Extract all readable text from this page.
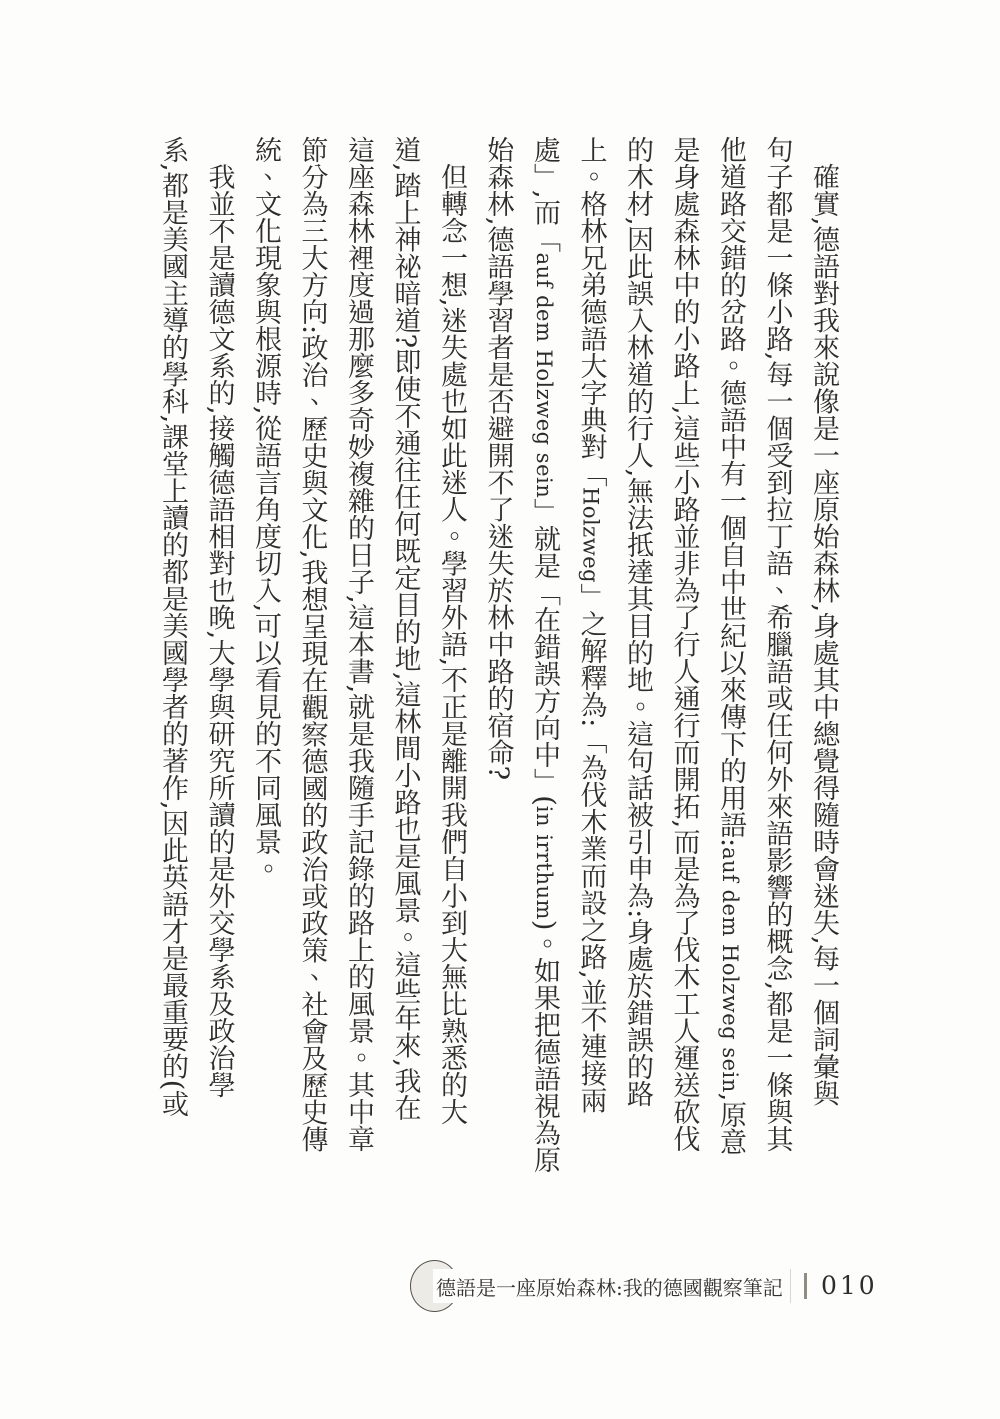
確實,德語對我來說像是一座原始森林,身處其中總覺得隨時會迷失,每一個詞彙與
句子都是一條小路,每一個受到拉丁語、希臘語或任何外來語影響的概念,都是一條與其
他道路交錯的岔路。德語中有一個自中世紀以來傳下的用語:auf dem Holzweg sein,原意
是身處森林中的小路上,這些小路並非為了行人通行而開拓,而是為了伐木工人運送砍伐
的木材,因此誤入林道的行人,無法抵達其目的地。這句話被引申為:身處於錯誤的路
上。格林兄弟德語大字典對「Holzweg」之解釋為:「為伐木業而設之路,並不連接兩
處」,而「auf dem Holzweg sein」就是「在錯誤方向中」(in irrthum)。如果把德語視為原
始森林,德語學習者是否避開不了迷失於林中路的宿命?
但轉念一想,迷失處也如此迷人。學習外語,不正是離開我們自小到大無比熟悉的大
道,踏上神祕暗道?即使不通往任何既定目的地,這林間小路也是風景。這些年來,我在
這座森林裡度過那麼多奇妙複雜的日子,這本書,就是我隨手記錄的路上的風景。其中章
節分為三大方向:政治、歷史與文化,我想呈現在觀察德國的政治或政策、社會及歷史傳
統、文化現象與根源時,從語言角度切入,可以看見的不同風景。
我並不是讀德文系的,接觸德語相對也晚,大學與研究所讀的是外交學系及政治學
系,都是美國主導的學科,課堂上讀的都是美國學者的著作,因此英語才是最重要的(或
德語是一座原始森林:我的德國觀察筆記 010
